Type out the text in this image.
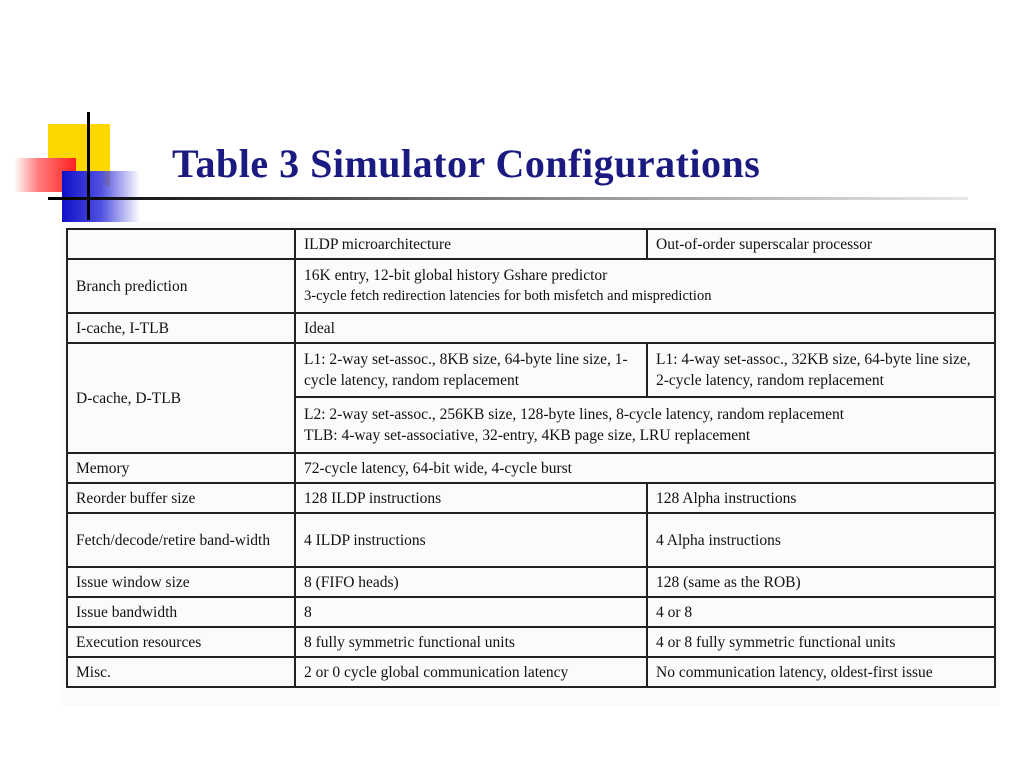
Table 3 Simulator Configurations
	ILDP microarchitecture	Out-of-order superscalar processor
Branch prediction	16K entry, 12-bit global history Gshare predictor
3-cycle fetch redirection latencies for both misfetch and misprediction	

I-cache, I-TLB	Ideal	
D-cache, D-TLB	L1: 2-way set-assoc., 8KB size, 64-byte line size, 1-cycle latency, random replacement	L1: 4-way set-assoc., 32KB size, 64-byte line size, 2-cycle latency, random replacement

	L2: 2-way set-assoc., 256KB size, 128-byte lines, 8-cycle latency, random replacement
TLB: 4-way set-associative, 32-entry, 4KB page size, LRU replacement	

Memory	72-cycle latency, 64-bit wide, 4-cycle burst	
Reorder buffer size	128 ILDP instructions	128 Alpha instructions
Fetch/decode/retire band-width	4 ILDP instructions	4 Alpha instructions
Issue window size	8 (FIFO heads)	128 (same as the ROB)
Issue bandwidth	8	4 or 8
Execution resources	8 fully symmetric functional units	4 or 8 fully symmetric functional units
Misc.	2 or 0 cycle global communication latency	No communication latency, oldest-first issue
